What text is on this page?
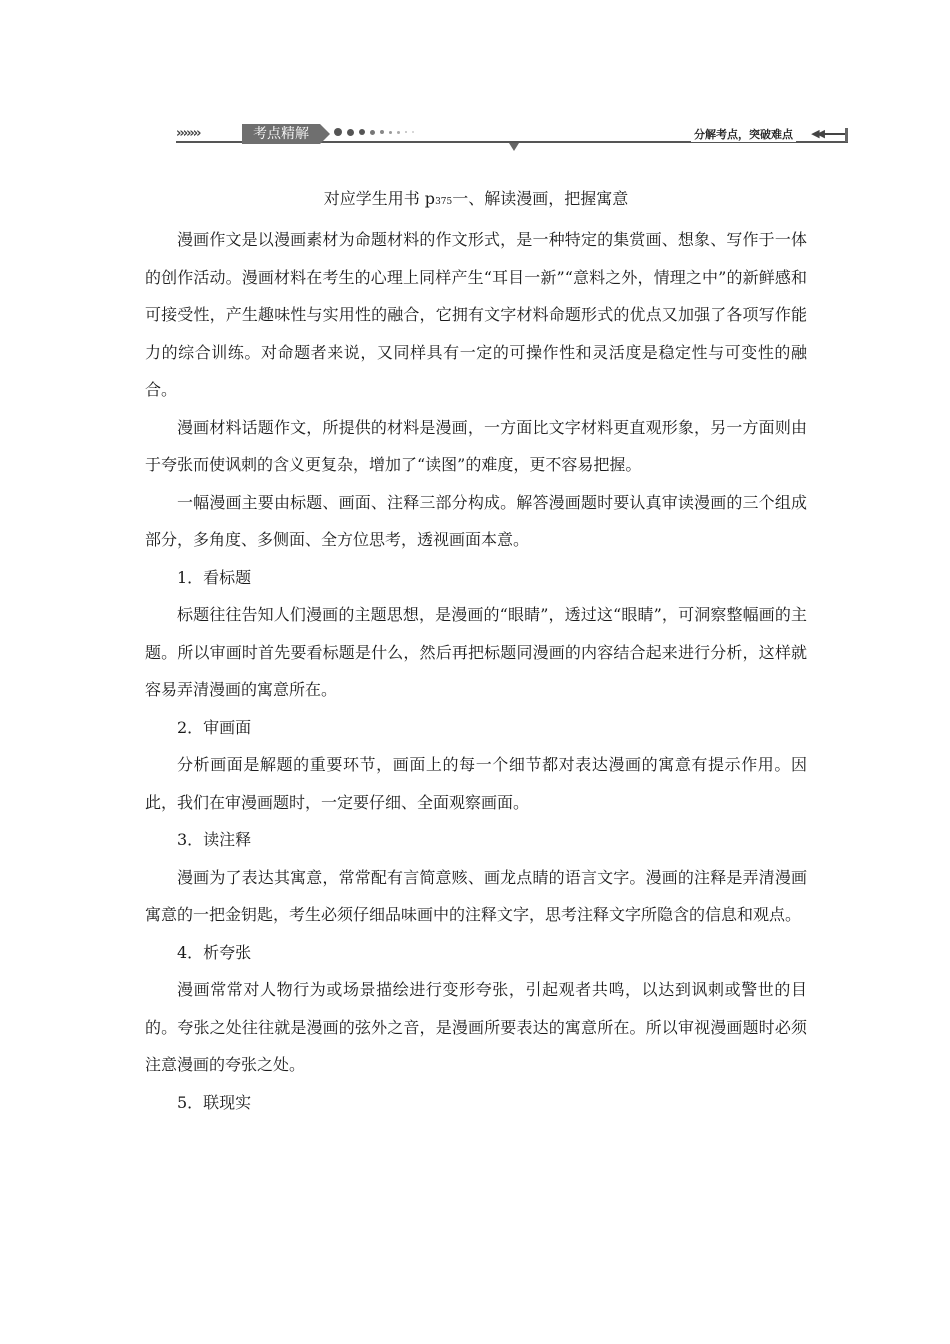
›››››››	考点精解	分解考点，突破难点 ◀◀
对应学生用书 p375一、解读漫画，把握寓意

漫画作文是以漫画素材为命题材料的作文形式，是一种特定的集赏画、想象、写作于一体的创作活动。漫画材料在考生的心理上同样产生“耳目一新”“意料之外，情理之中”的新鲜感和可接受性，产生趣味性与实用性的融合，它拥有文字材料命题形式的优点又加强了各项写作能力的综合训练。对命题者来说，又同样具有一定的可操作性和灵活度是稳定性与可变性的融合。

漫画材料话题作文，所提供的材料是漫画，一方面比文字材料更直观形象，另一方面则由于夸张而使讽刺的含义更复杂，增加了“读图”的难度，更不容易把握。

一幅漫画主要由标题、画面、注释三部分构成。解答漫画题时要认真审读漫画的三个组成部分，多角度、多侧面、全方位思考，透视画面本意。

1．看标题

标题往往告知人们漫画的主题思想，是漫画的“眼睛”，透过这“眼睛”，可洞察整幅画的主题。所以审画时首先要看标题是什么，然后再把标题同漫画的内容结合起来进行分析，这样就容易弄清漫画的寓意所在。

2．审画面

分析画面是解题的重要环节，画面上的每一个细节都对表达漫画的寓意有提示作用。因此，我们在审漫画题时，一定要仔细、全面观察画面。

3．读注释

漫画为了表达其寓意，常常配有言简意赅、画龙点睛的语言文字。漫画的注释是弄清漫画寓意的一把金钥匙，考生必须仔细品味画中的注释文字，思考注释文字所隐含的信息和观点。

4．析夸张

漫画常常对人物行为或场景描绘进行变形夸张，引起观者共鸣，以达到讽刺或警世的目的。夸张之处往往就是漫画的弦外之音，是漫画所要表达的寓意所在。所以审视漫画题时必须注意漫画的夸张之处。

5．联现实
